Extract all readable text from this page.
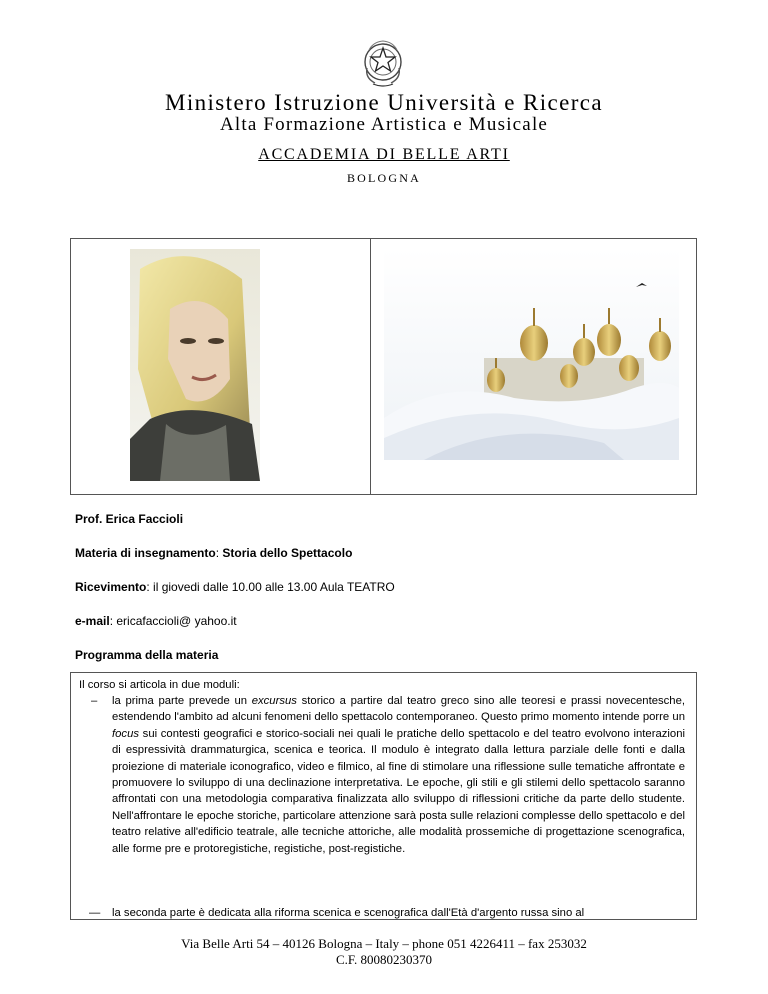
Ministero Istruzione Università e Ricerca
Alta Formazione Artistica e Musicale
ACCADEMIA DI BELLE ARTI
BOLOGNA
Prof. Erica Faccioli
Materia di insegnamento: Storia dello Spettacolo
Ricevimento: il giovedi dalle 10.00 alle 13.00 Aula TEATRO
e-mail: ericafaccioli@ yahoo.it
Programma della materia
Il corso si articola in due moduli:
– la prima parte prevede un excursus storico a partire dal teatro greco sino alle teoresi e prassi novecentesche, estendendo l'ambito ad alcuni fenomeni dello spettacolo contemporaneo. Questo primo momento intende porre un focus sui contesti geografici e storico-sociali nei quali le pratiche dello spettacolo e del teatro evolvono interazioni di espressività drammaturgica, scenica e teorica. Il modulo è integrato dalla lettura parziale delle fonti e dalla proiezione di materiale iconografico, video e filmico, al fine di stimolare una riflessione sulle tematiche affrontate e promuovere lo sviluppo di una declinazione interpretativa. Le epoche, gli stili e gli stilemi dello spettacolo saranno affrontati con una metodologia comparativa finalizzata allo sviluppo di riflessioni critiche da parte dello studente. Nell'affrontare le epoche storiche, particolare attenzione sarà posta sulle relazioni complesse dello spettacolo e del teatro relative all'edificio teatrale, alle tecniche attoriche, alle modalità prossemiche di progettazione scenografica, alle forme pre e protoregistiche, registiche, post-registiche.
— la seconda parte è dedicata alla riforma scenica e scenografica dall'Età d'argento russa sino al
Via Belle Arti 54 – 40126 Bologna – Italy – phone 051 4226411 – fax 253032
C.F. 80080230370
